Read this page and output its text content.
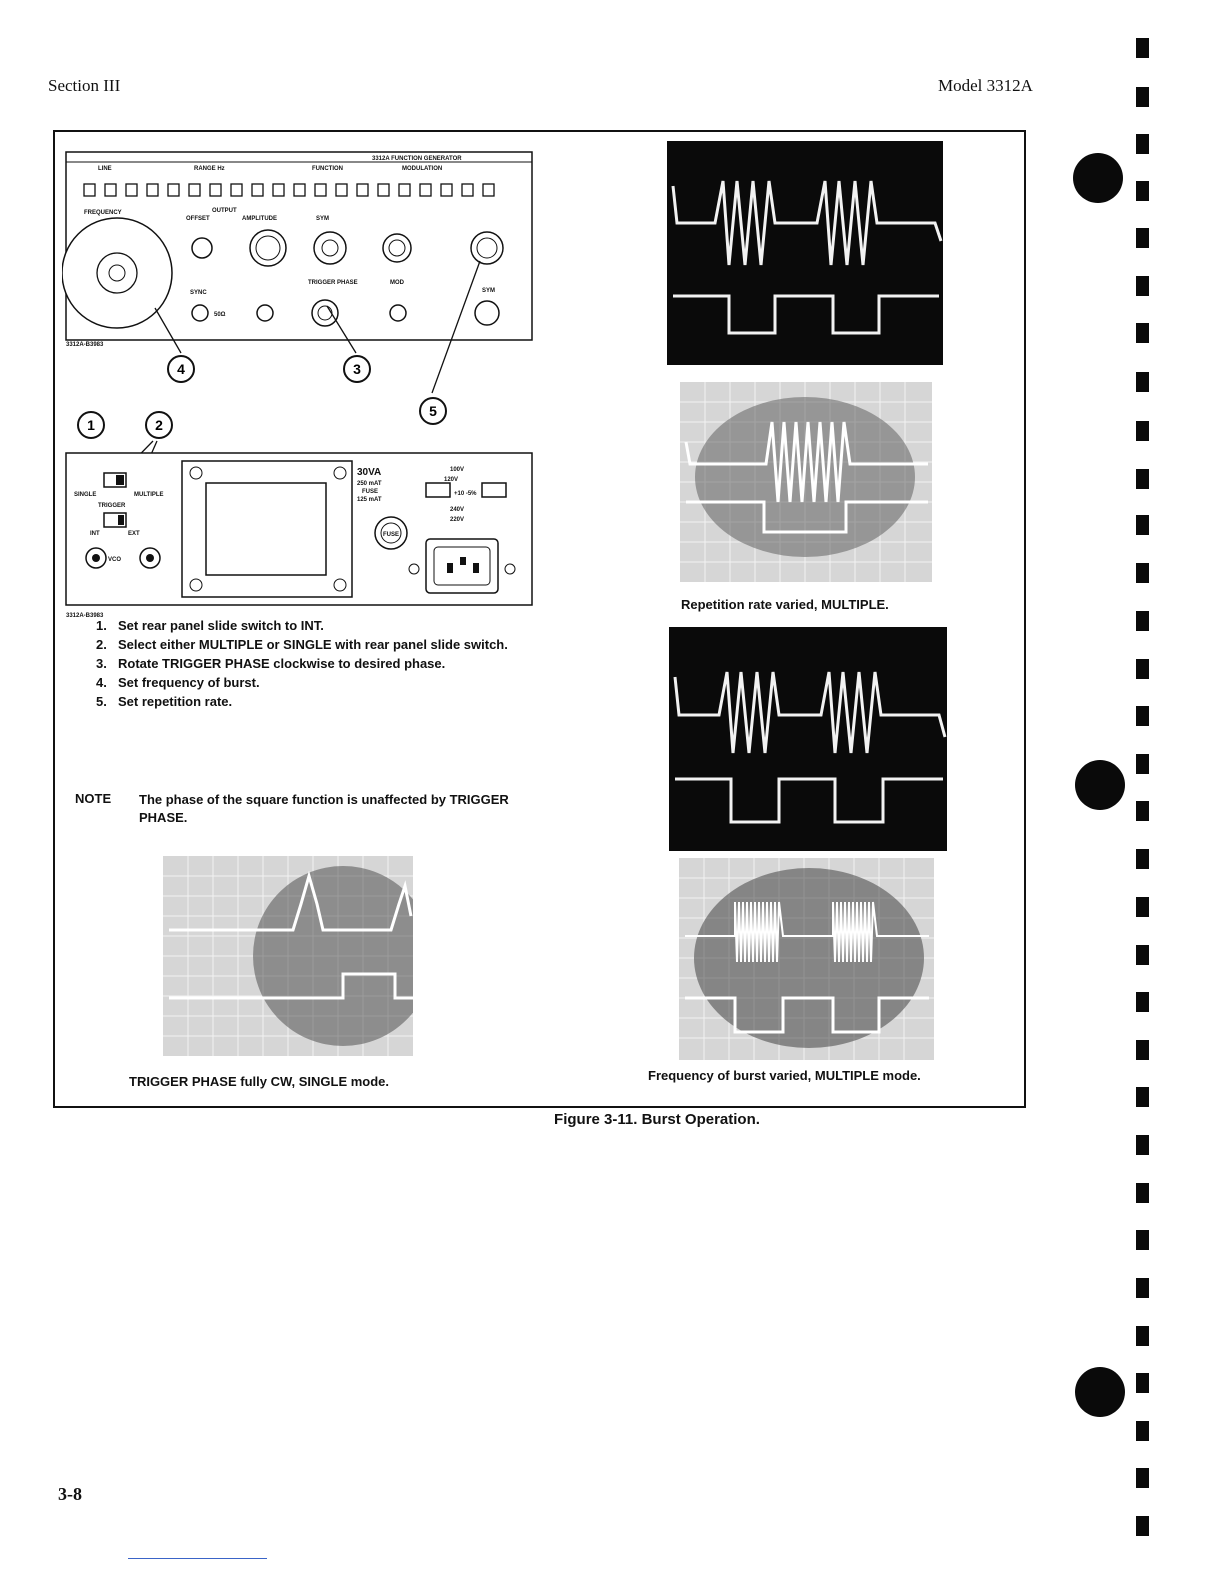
Section III	Model 3312A
3312A FUNCTION GENERATOR
RANGE Hz	FUNCTION	MODULATION
LINE
FREQUENCY	OUTPUT
OFFSET	AMPLITUDE	SYM
SYNC
TRIGGER PHASE	MOD
SYM
50Ω
3312A-B3983
1	2
3
4
5
SINGLE	MULTIPLE
TRIGGER
INT	EXT
VCO
30VA
250 mAT
FUSE
125 mAT
100V
120V
+10 -5%
240V
220V
FUSE
3312A-B3983
1. Set rear panel slide switch to INT.
2. Select either MULTIPLE or SINGLE with rear panel slide switch.
3. Rotate TRIGGER PHASE clockwise to desired phase.
4. Set frequency of burst.
5. Set repetition rate.
NOTE	The phase of the square function is unaffected by TRIGGER PHASE.
Repetition rate varied, MULTIPLE.
TRIGGER PHASE fully CW, SINGLE mode.	Frequency of burst varied, MULTIPLE mode.
Figure 3-11. Burst Operation.
3-8
